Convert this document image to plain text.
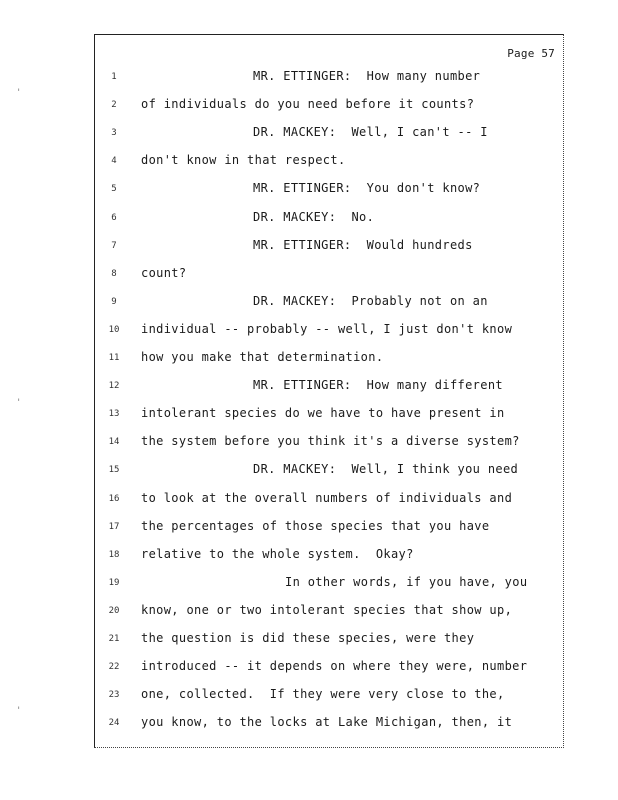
'
'
'
Page 57
1	MR. ETTINGER:  How many number
2	of individuals do you need before it counts?
3	DR. MACKEY:  Well, I can't -- I
4	don't know in that respect.
5	MR. ETTINGER:  You don't know?
6	DR. MACKEY:  No.
7	MR. ETTINGER:  Would hundreds
8	count?
9	DR. MACKEY:  Probably not on an
10	individual -- probably -- well, I just don't know
11	how you make that determination.
12	MR. ETTINGER:  How many different
13	intolerant species do we have to have present in
14	the system before you think it's a diverse system?
15	DR. MACKEY:  Well, I think you need
16	to look at the overall numbers of individuals and
17	the percentages of those species that you have
18	relative to the whole system.  Okay?
19	In other words, if you have, you
20	know, one or two intolerant species that show up,
21	the question is did these species, were they
22	introduced -- it depends on where they were, number
23	one, collected.  If they were very close to the,
24	you know, to the locks at Lake Michigan, then, it
